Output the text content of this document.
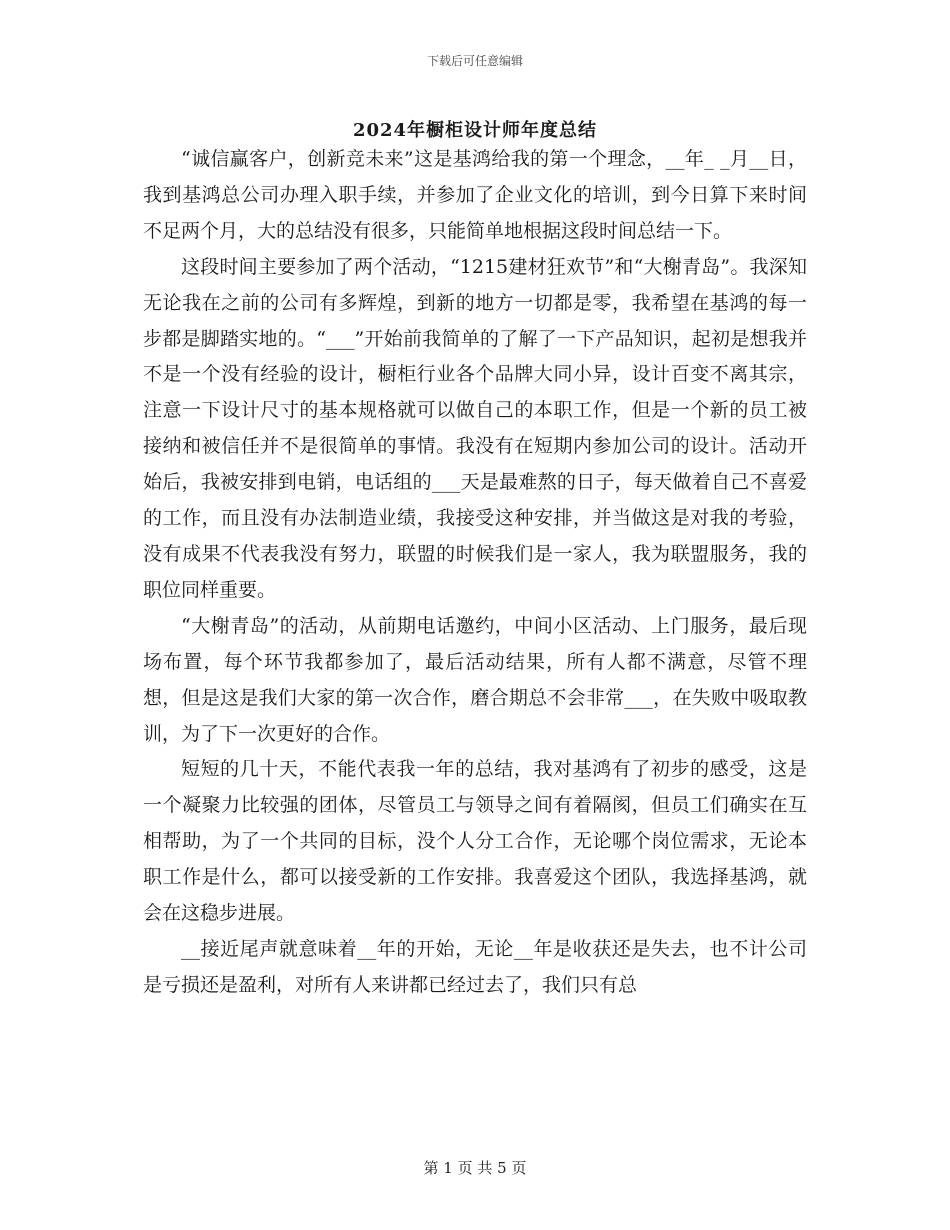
下载后可任意编辑
2024年橱柜设计师年度总结

“诚信赢客户，创新竞未来”这是基鸿给我的第一个理念，__年_ _月__日，我到基鸿总公司办理入职手续，并参加了企业文化的培训，到今日算下来时间不足两个月，大的总结没有很多，只能简单地根据这段时间总结一下。

这段时间主要参加了两个活动，“1215建材狂欢节”和“大榭青岛”。我深知无论我在之前的公司有多辉煌，到新的地方一切都是零，我希望在基鸿的每一步都是脚踏实地的。“___”开始前我简单的了解了一下产品知识，起初是想我并不是一个没有经验的设计，橱柜行业各个品牌大同小异，设计百变不离其宗，注意一下设计尺寸的基本规格就可以做自己的本职工作，但是一个新的员工被接纳和被信任并不是很简单的事情。我没有在短期内参加公司的设计。活动开始后，我被安排到电销，电话组的___天是最难熬的日子，每天做着自己不喜爱的工作，而且没有办法制造业绩，我接受这种安排，并当做这是对我的考验，没有成果不代表我没有努力，联盟的时候我们是一家人，我为联盟服务，我的职位同样重要。

“大榭青岛”的活动，从前期电话邀约，中间小区活动、上门服务，最后现场布置，每个环节我都参加了，最后活动结果，所有人都不满意，尽管不理想，但是这是我们大家的第一次合作，磨合期总不会非常___，在失败中吸取教训，为了下一次更好的合作。

短短的几十天，不能代表我一年的总结，我对基鸿有了初步的感受，这是一个凝聚力比较强的团体，尽管员工与领导之间有着隔阂，但员工们确实在互相帮助，为了一个共同的目标，没个人分工合作，无论哪个岗位需求，无论本职工作是什么，都可以接受新的工作安排。我喜爱这个团队，我选择基鸿，就会在这稳步进展。

__接近尾声就意味着__年的开始，无论__年是收获还是失去，也不计公司是亏损还是盈利，对所有人来讲都已经过去了，我们只有总

第 1 页 共 5 页
